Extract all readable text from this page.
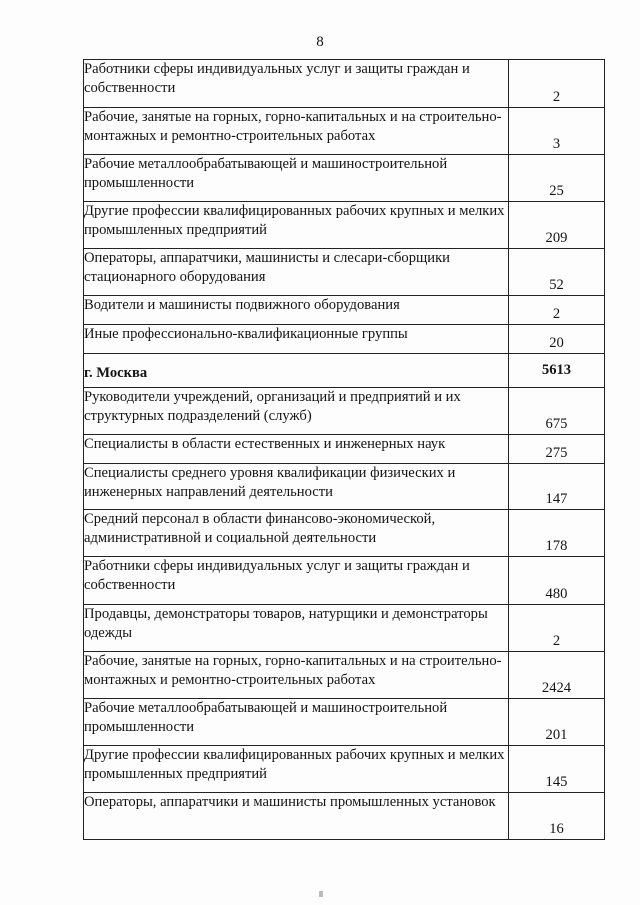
8
Работники сферы индивидуальных услуг и защиты граждан и собственности	2
Рабочие, занятые на горных, горно-капитальных и на строительно-монтажных и ремонтно-строительных работах	3
Рабочие металлообрабатывающей и машиностроительной промышленности	25
Другие профессии квалифицированных рабочих крупных и мелких промышленных предприятий	209
Операторы, аппаратчики, машинисты и слесари-сборщики стационарного оборудования	52
Водители и машинисты подвижного оборудования	2
Иные профессионально-квалификационные группы	20
г. Москва	5613
Руководители учреждений, организаций и предприятий и их структурных подразделений (служб)	675
Специалисты в области естественных и инженерных наук	275
Специалисты среднего уровня квалификации физических и инженерных направлений деятельности	147
Средний персонал в области финансово-экономической, административной и социальной деятельности	178
Работники сферы индивидуальных услуг и защиты граждан и собственности	480
Продавцы, демонстраторы товаров, натурщики и демонстраторы одежды	2
Рабочие, занятые на горных, горно-капитальных и на строительно-монтажных и ремонтно-строительных работах	2424
Рабочие металлообрабатывающей и машиностроительной промышленности	201
Другие профессии квалифицированных рабочих крупных и мелких промышленных предприятий	145
Операторы, аппаратчики и машинисты промышленных установок	16
